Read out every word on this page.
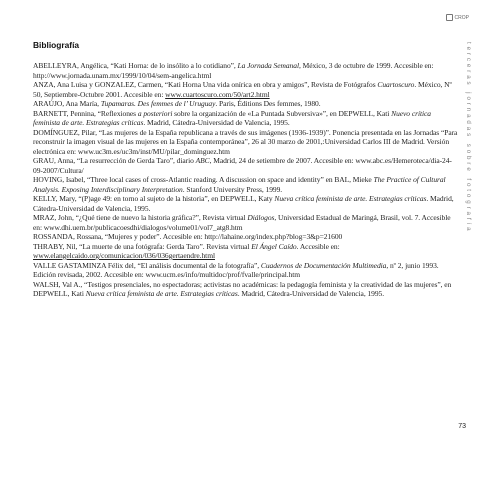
CROP
Bibliografía

ABELLEYRA, Angélica, “Kati Horna: de lo insólito a lo cotidiano”, La Jornada Semanal, México, 3 de octubre de 1999. Accesible en: http://www.jornada.unam.mx/1999/10/04/sem-angelica.html

ANZA, Ana Luisa y GONZALEZ, Carmen, “Kati Horna Una vida onírica en obra y amigos”, Revista de Fotógrafos Cuartoscuro. México, Nº 50, Septiembre-Octubre 2001. Accesible en: www.cuartoscuro.com/50/art2.html

ARAÚJO, Ana María, Tupamaras. Des femmes de l’ Uruguay. Paris, Éditions Des femmes, 1980.

BARNETT, Pennina, “Reflexiones a posteriori sobre la organización de «La Puntada Subversiva»”, en DEPWELL, Kati Nuevo crítica feminista de arte. Estrategias críticas. Madrid, Cátedra-Universidad de Valencia, 1995.

DOMÍNGUEZ, Pilar, “Las mujeres de la España republicana a través de sus imágenes (1936-1939)”. Ponencia presentada en las Jornadas “Para reconstruir la imagen visual de las mujeres en la España contemporánea”, 26 al 30 marzo de 2001,:Universidad Carlos III de Madrid. Versión electrónica en: www.uc3m.es/uc3m/inst/MU/pilar_dominguez.htm

GRAU, Anna, “La resurrección de Gerda Taro”, diario ABC, Madrid, 24 de setiembre de 2007. Accesible en: www.abc.es/Hemeroteca/dia-24-09-2007/Cultura/

HOVING, Isabel, “Three local cases of cross-Atlantic reading. A discussion on space and identity” en BAL, Mieke The Practice of Cultural Analysis. Exposing Interdisciplinary Interpretation. Stanford University Press, 1999.

KELLY, Mary, “(P)age 49: en torno al sujeto de la historia”, en DEPWELL, Katy Nueva crítica feminista de arte. Estrategias críticas. Madrid, Cátedra-Universidad de Valencia, 1995.

MRAZ, John, “¿Qué tiene de nuevo la historia gráfica?”, Revista virtual Diálogos, Universidad Estadual de Maringá, Brasil, vol. 7. Accesible en: www.dhi.uem.br/publicacoesdhi/dialogos/volume01/vol7_atg8.htm

ROSSANDA, Rossana, “Mujeres y poder”. Accesible en: http://lahaine.org/index.php?blog=3&p=21600

THRABY, Nil, “La muerte de una fotógrafa: Gerda Taro”. Revista virtual El Ángel Caído. Accesible en: www.elangelcaido.org/comunicacion/036/036gertaendre.html

VALLE GASTAMINZA Félix del, “El análisis documental de la fotografía”, Cuadernos de Documentación Multimedia, nº 2, junio 1993. Edición revisada, 2002. Accesible en: www.ucm.es/info/multidoc/prof/fvalle/principal.htm

WALSH, Val A., “Testigos presenciales, no espectadoras; activistas no académicas: la pedagogía feminista y la creatividad de las mujeres”, en DEPWELL, Kati Nueva crítica feminista de arte. Estrategias críticas. Madrid, Cátedra-Universidad de Valencia, 1995.

terceras jornadas sobre fotografía
73
